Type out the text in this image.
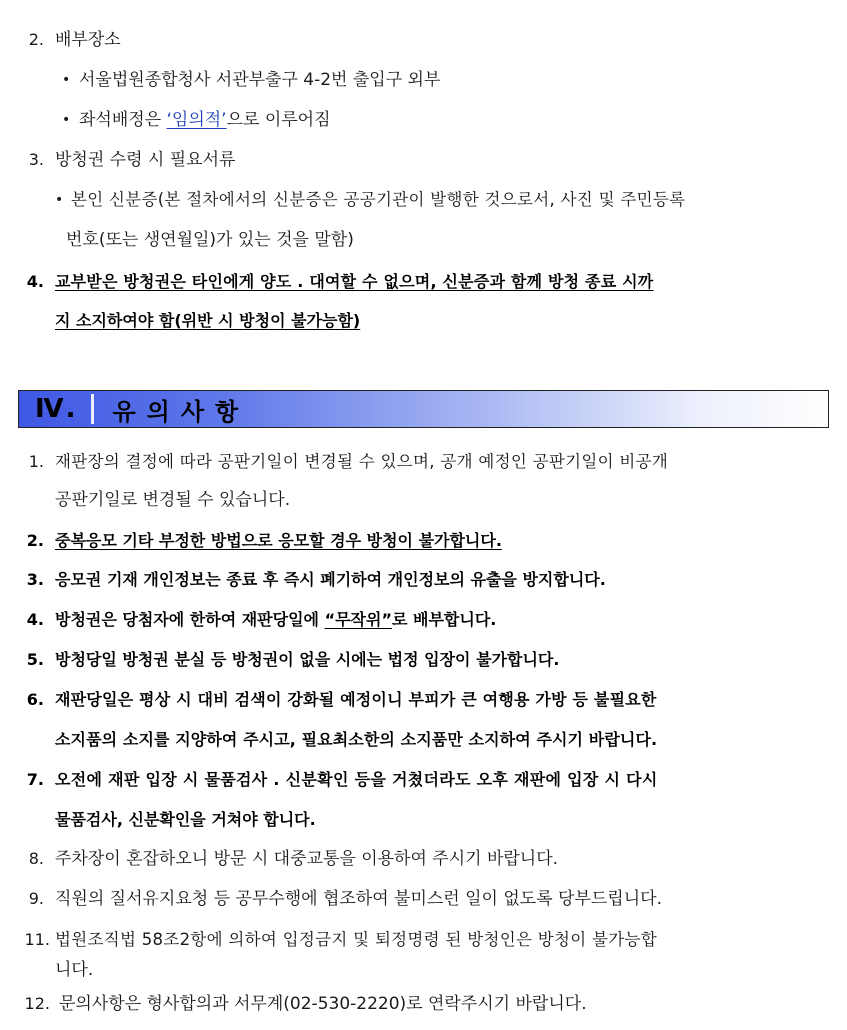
2. 배부장소
• 서울법원종합청사 서관부출구 4-2번 출입구 외부
• 좌석배정은 ‘임의적’으로 이루어짐
3. 방청권 수령 시 필요서류
• 본인 신분증(본 절차에서의 신분증은 공공기관이 발행한 것으로서, 사진 및 주민등록
번호(또는 생연월일)가 있는 것을 말함)
4. 교부받은 방청권은 타인에게 양도 . 대여할 수 없으며, 신분증과 함께 방청 종료 시까
지 소지하여야 함(위반 시 방청이 불가능함)
Ⅳ. 유의사항
1. 재판장의 결정에 따라 공판기일이 변경될 수 있으며, 공개 예정인 공판기일이 비공개
공판기일로 변경될 수 있습니다.
2. 중복응모 기타 부정한 방법으로 응모할 경우 방청이 불가합니다.
3. 응모권 기재 개인정보는 종료 후 즉시 폐기하여 개인정보의 유출을 방지합니다.
4. 방청권은 당첨자에 한하여 재판당일에 “무작위”로 배부합니다.
5. 방청당일 방청권 분실 등 방청권이 없을 시에는 법정 입장이 불가합니다.
6. 재판당일은 평상 시 대비 검색이 강화될 예정이니 부피가 큰 여행용 가방 등 불필요한
소지품의 소지를 지양하여 주시고, 필요최소한의 소지품만 소지하여 주시기 바랍니다.
7. 오전에 재판 입장 시 물품검사 . 신분확인 등을 거쳤더라도 오후 재판에 입장 시 다시
물품검사, 신분확인을 거쳐야 합니다.
8. 주차장이 혼잡하오니 방문 시 대중교통을 이용하여 주시기 바랍니다.
9. 직원의 질서유지요청 등 공무수행에 협조하여 불미스런 일이 없도록 당부드립니다.
11. 법원조직법 58조2항에 의하여 입정금지 및 퇴정명령 된 방청인은 방청이 불가능합
니다.
12. 문의사항은 형사합의과 서무계(02-530-2220)로 연락주시기 바랍니다.
